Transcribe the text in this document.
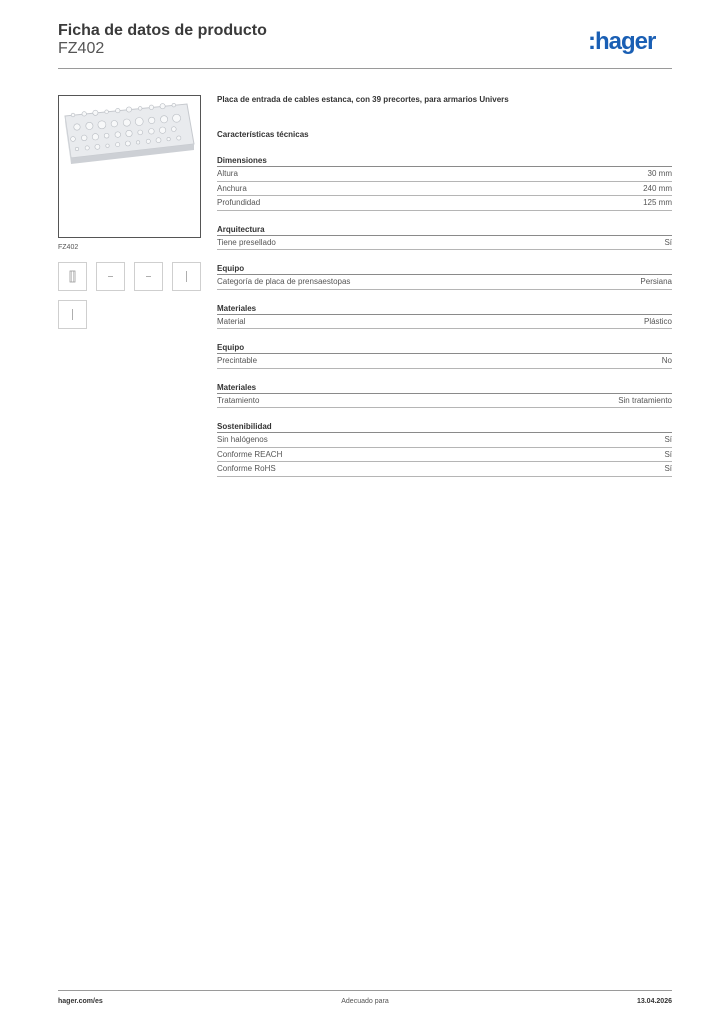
Ficha de datos de producto
FZ402	:hager
FZ402
Placa de entrada de cables estanca, con 39 precortes, para armarios Univers
Características técnicas
Dimensiones
Altura	30 mm
Anchura	240 mm
Profundidad	125 mm
Arquitectura
Tiene presellado	Sí
Equipo
Categoría de placa de prensaestopas	Persiana
Materiales
Material	Plástico
Equipo
Precintable	No
Materiales
Tratamiento	Sin tratamiento
Sostenibilidad
Sin halógenos	Sí
Conforme REACH	Sí
Conforme RoHS	Sí
hager.com/es	Adecuado para	13.04.2026
